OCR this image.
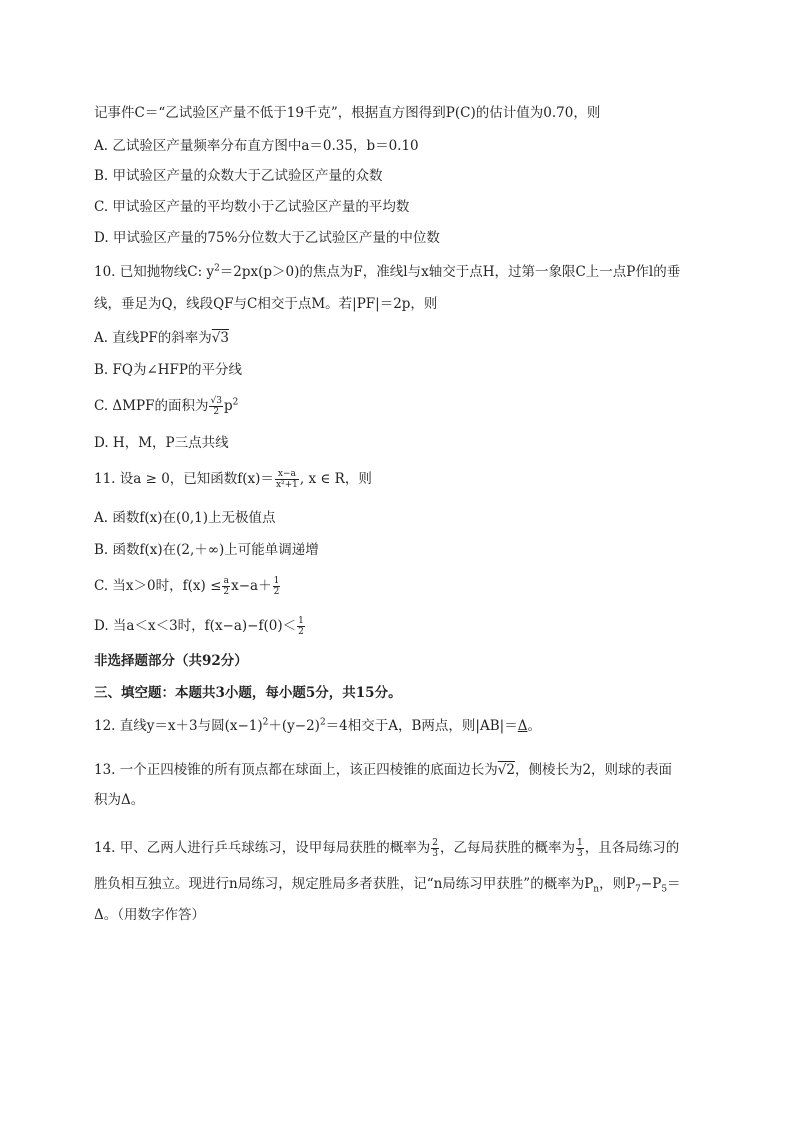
记事件C＝“乙试验区产量不低于19千克”，根据直方图得到P(C)的估计值为0.70，则
A. 乙试验区产量频率分布直方图中a＝0.35，b＝0.10
B. 甲试验区产量的众数大于乙试验区产量的众数
C. 甲试验区产量的平均数小于乙试验区产量的平均数
D. 甲试验区产量的75%分位数大于乙试验区产量的中位数
10. 已知抛物线C: $y^2=2px(p>0)$的焦点为F，准线l与x轴交于点H，过第一象限C上一点P作l的垂
线，垂足为Q，线段QF与C相交于点M。若|PF|＝2p，则
A. 直线PF的斜率为√3
B. FQ为∠HFP的平分线
C. ΔMPF的面积为 $\frac{√3}{2} p^2$
D. H，M，P三点共线
11. 设a ≥ 0，已知函数$f(x)= \frac{x-a}{\text{x²+1}}$ , x ∈ R，则
A. 函数f(x)在(0,1)上无极值点
B. 函数f(x)在(2,＋∞)上可能单调递增
C. 当x＞0时，$f(x) \le \frac{a}{2} x-a+ \frac{1}{2}$
D. 当a＜x＜3时，$f(x-a)-f(0)< \frac{1}{2}$
非选择题部分（共92分）
三、填空题：本题共3小题，每小题5分，共15分。
12. 直线y＝x＋3与圆$(x-1)^2+(y-2)^2=4$相交于A，B两点，则|AB|＝Δ。
13. 一个正四棱锥的所有顶点都在球面上，该正四棱锥的底面边长为√2，侧棱长为2，则球的表面
积为Δ。
14. 甲、乙两人进行乒乓球练习，设甲每局获胜的概率为 $\frac{2}{3}$ ，乙每局获胜的概率为 $\frac{1}{3}$ ，且各局练习的
胜负相互独立。现进行n局练习，规定胜局多者获胜，记“n局练习甲获胜”的概率为$P_n$，则$P_7-P_5=$
Δ。（用数字作答）
